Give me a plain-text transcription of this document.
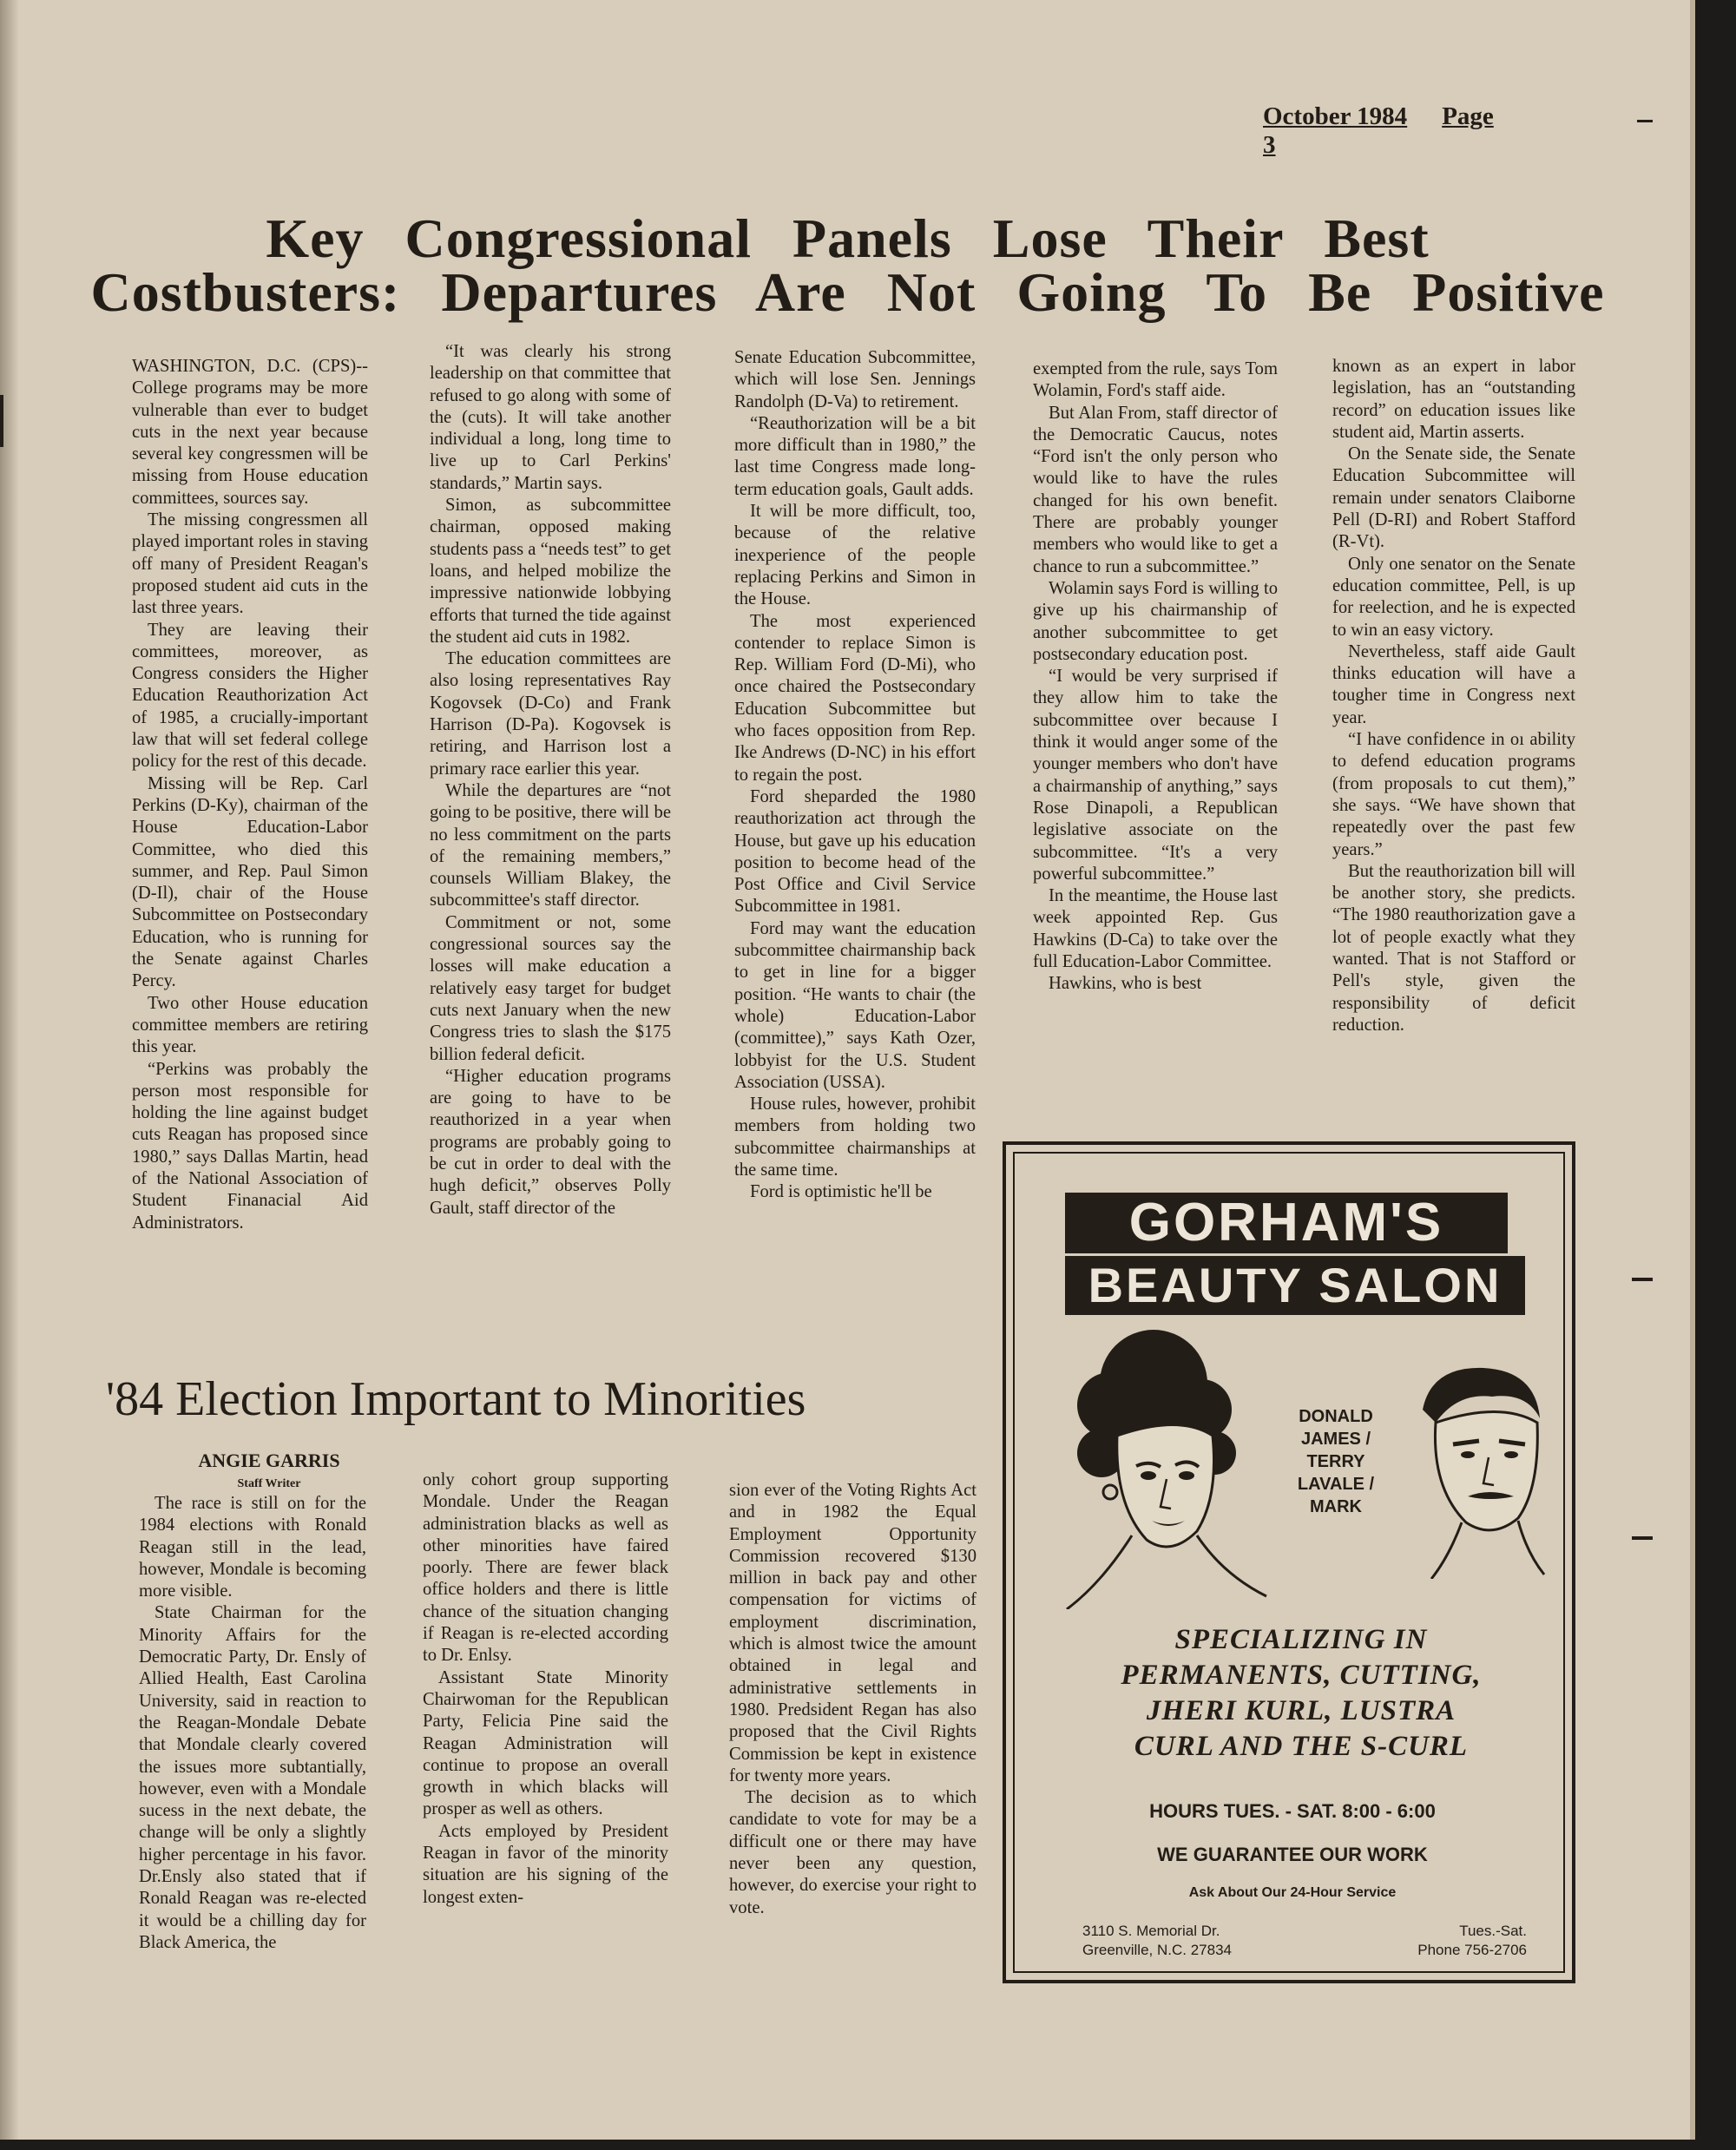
October 1984 Page 3
Key Congressional Panels Lose Their Best
Costbusters: Departures Are Not Going To Be Positive

WASHINGTON, D.C. (CPS)--College programs may be more vulnerable than ever to budget cuts in the next year because several key congressmen will be missing from House education committees, sources say.

The missing congressmen all played important roles in staving off many of President Reagan's proposed student aid cuts in the last three years.

They are leaving their committees, moreover, as Congress considers the Higher Education Reauthorization Act of 1985, a crucially-important law that will set federal college policy for the rest of this decade.

Missing will be Rep. Carl Perkins (D-Ky), chairman of the House Education-Labor Committee, who died this summer, and Rep. Paul Simon (D-Il), chair of the House Subcommittee on Postsecondary Education, who is running for the Senate against Charles Percy.

Two other House education committee members are retiring this year.

“Perkins was probably the person most responsible for holding the line against budget cuts Reagan has proposed since 1980,” says Dallas Martin, head of the National Association of Student Finanacial Aid Administrators.

“It was clearly his strong leadership on that committee that refused to go along with some of the (cuts). It will take another individual a long, long time to live up to Carl Perkins' standards,” Martin says.

Simon, as subcommittee chairman, opposed making students pass a “needs test” to get loans, and helped mobilize the impressive nationwide lobbying efforts that turned the tide against the student aid cuts in 1982.

The education committees are also losing representatives Ray Kogovsek (D-Co) and Frank Harrison (D-Pa). Kogovsek is retiring, and Harrison lost a primary race earlier this year.

While the departures are “not going to be positive, there will be no less commitment on the parts of the remaining members,” counsels William Blakey, the subcommittee's staff director.

Commitment or not, some congressional sources say the losses will make education a relatively easy target for budget cuts next January when the new Congress tries to slash the $175 billion federal deficit.

“Higher education programs are going to have to be reauthorized in a year when programs are probably going to be cut in order to deal with the hugh deficit,” observes Polly Gault, staff director of the

Senate Education Subcommittee, which will lose Sen. Jennings Randolph (D-Va) to retirement.

“Reauthorization will be a bit more difficult than in 1980,” the last time Congress made long-term education goals, Gault adds.

It will be more difficult, too, because of the relative inexperience of the people replacing Perkins and Simon in the House.

The most experienced contender to replace Simon is Rep. William Ford (D-Mi), who once chaired the Postsecondary Education Subcommittee but who faces opposition from Rep. Ike Andrews (D-NC) in his effort to regain the post.

Ford sheparded the 1980 reauthorization act through the House, but gave up his education position to become head of the Post Office and Civil Service Subcommittee in 1981.

Ford may want the education subcommittee chairmanship back to get in line for a bigger position. “He wants to chair (the whole) Education-Labor (committee),” says Kath Ozer, lobbyist for the U.S. Student Association (USSA).

House rules, however, prohibit members from holding two subcommittee chairmanships at the same time.

Ford is optimistic he'll be

exempted from the rule, says Tom Wolamin, Ford's staff aide.

But Alan From, staff director of the Democratic Caucus, notes “Ford isn't the only person who would like to have the rules changed for his own benefit. There are probably younger members who would like to get a chance to run a subcommittee.”

Wolamin says Ford is willing to give up his chairmanship of another subcommittee to get postsecondary education post.

“I would be very surprised if they allow him to take the subcommittee over because I think it would anger some of the younger members who don't have a chairmanship of anything,” says Rose Dinapoli, a Republican legislative associate on the subcommittee. “It's a very powerful subcommittee.”

In the meantime, the House last week appointed Rep. Gus Hawkins (D-Ca) to take over the full Education-Labor Committee.

Hawkins, who is best

known as an expert in labor legislation, has an “outstanding record” on education issues like student aid, Martin asserts.

On the Senate side, the Senate Education Subcommittee will remain under senators Claiborne Pell (D-RI) and Robert Stafford (R-Vt).

Only one senator on the Senate education committee, Pell, is up for reelection, and he is expected to win an easy victory.

Nevertheless, staff aide Gault thinks education will have a tougher time in Congress next year.

“I have confidence in oı ability to defend education programs (from proposals to cut them),” she says. “We have shown that repeatedly over the past few years.”

But the reauthorization bill will be another story, she predicts. “The 1980 reauthorization gave a lot of people exactly what they wanted. That is not Stafford or Pell's style, given the responsibility of deficit reduction.

'84 Election Important to Minorities
ANGIE GARRIS
Staff Writer

The race is still on for the 1984 elections with Ronald Reagan still in the lead, however, Mondale is becoming more visible.

State Chairman for the Minority Affairs for the Democratic Party, Dr. Ensly of Allied Health, East Carolina University, said in reaction to the Reagan-Mondale Debate that Mondale clearly covered the issues more subtantially, however, even with a Mondale sucess in the next debate, the change will be only a slightly higher percentage in his favor. Dr.Ensly also stated that if Ronald Reagan was re-elected it would be a chilling day for Black America, the

only cohort group supporting Mondale. Under the Reagan administration blacks as well as other minorities have faired poorly. There are fewer black office holders and there is little chance of the situation changing if Reagan is re-elected according to Dr. Enlsy.

Assistant State Minority Chairwoman for the Republican Party, Felicia Pine said the Reagan Administration will continue to propose an overall growth in which blacks will prosper as well as others.

Acts employed by President Reagan in favor of the minority situation are his signing of the longest exten-

sion ever of the Voting Rights Act and in 1982 the Equal Employment Opportunity Commission recovered $130 million in back pay and other compensation for victims of employment discrimination, which is almost twice the amount obtained in legal and administrative settlements in 1980. Predsident Regan has also proposed that the Civil Rights Commission be kept in existence for twenty more years.

The decision as to which candidate to vote for may be a difficult one or there may have never been any question, however, do exercise your right to vote.

GORHAM'S
BEAUTY SALON
DONALD
JAMES / TERRY
LAVALE / MARK
SPECIALIZING IN
PERMANENTS, CUTTING,
JHERI KURL, LUSTRA
CURL AND THE S-CURL
HOURS TUES. - SAT. 8:00 - 6:00
WE GUARANTEE OUR WORK
Ask About Our 24-Hour Service
3110 S. Memorial Dr.
Greenville, N.C. 27834
Tues.-Sat.
Phone 756-2706
